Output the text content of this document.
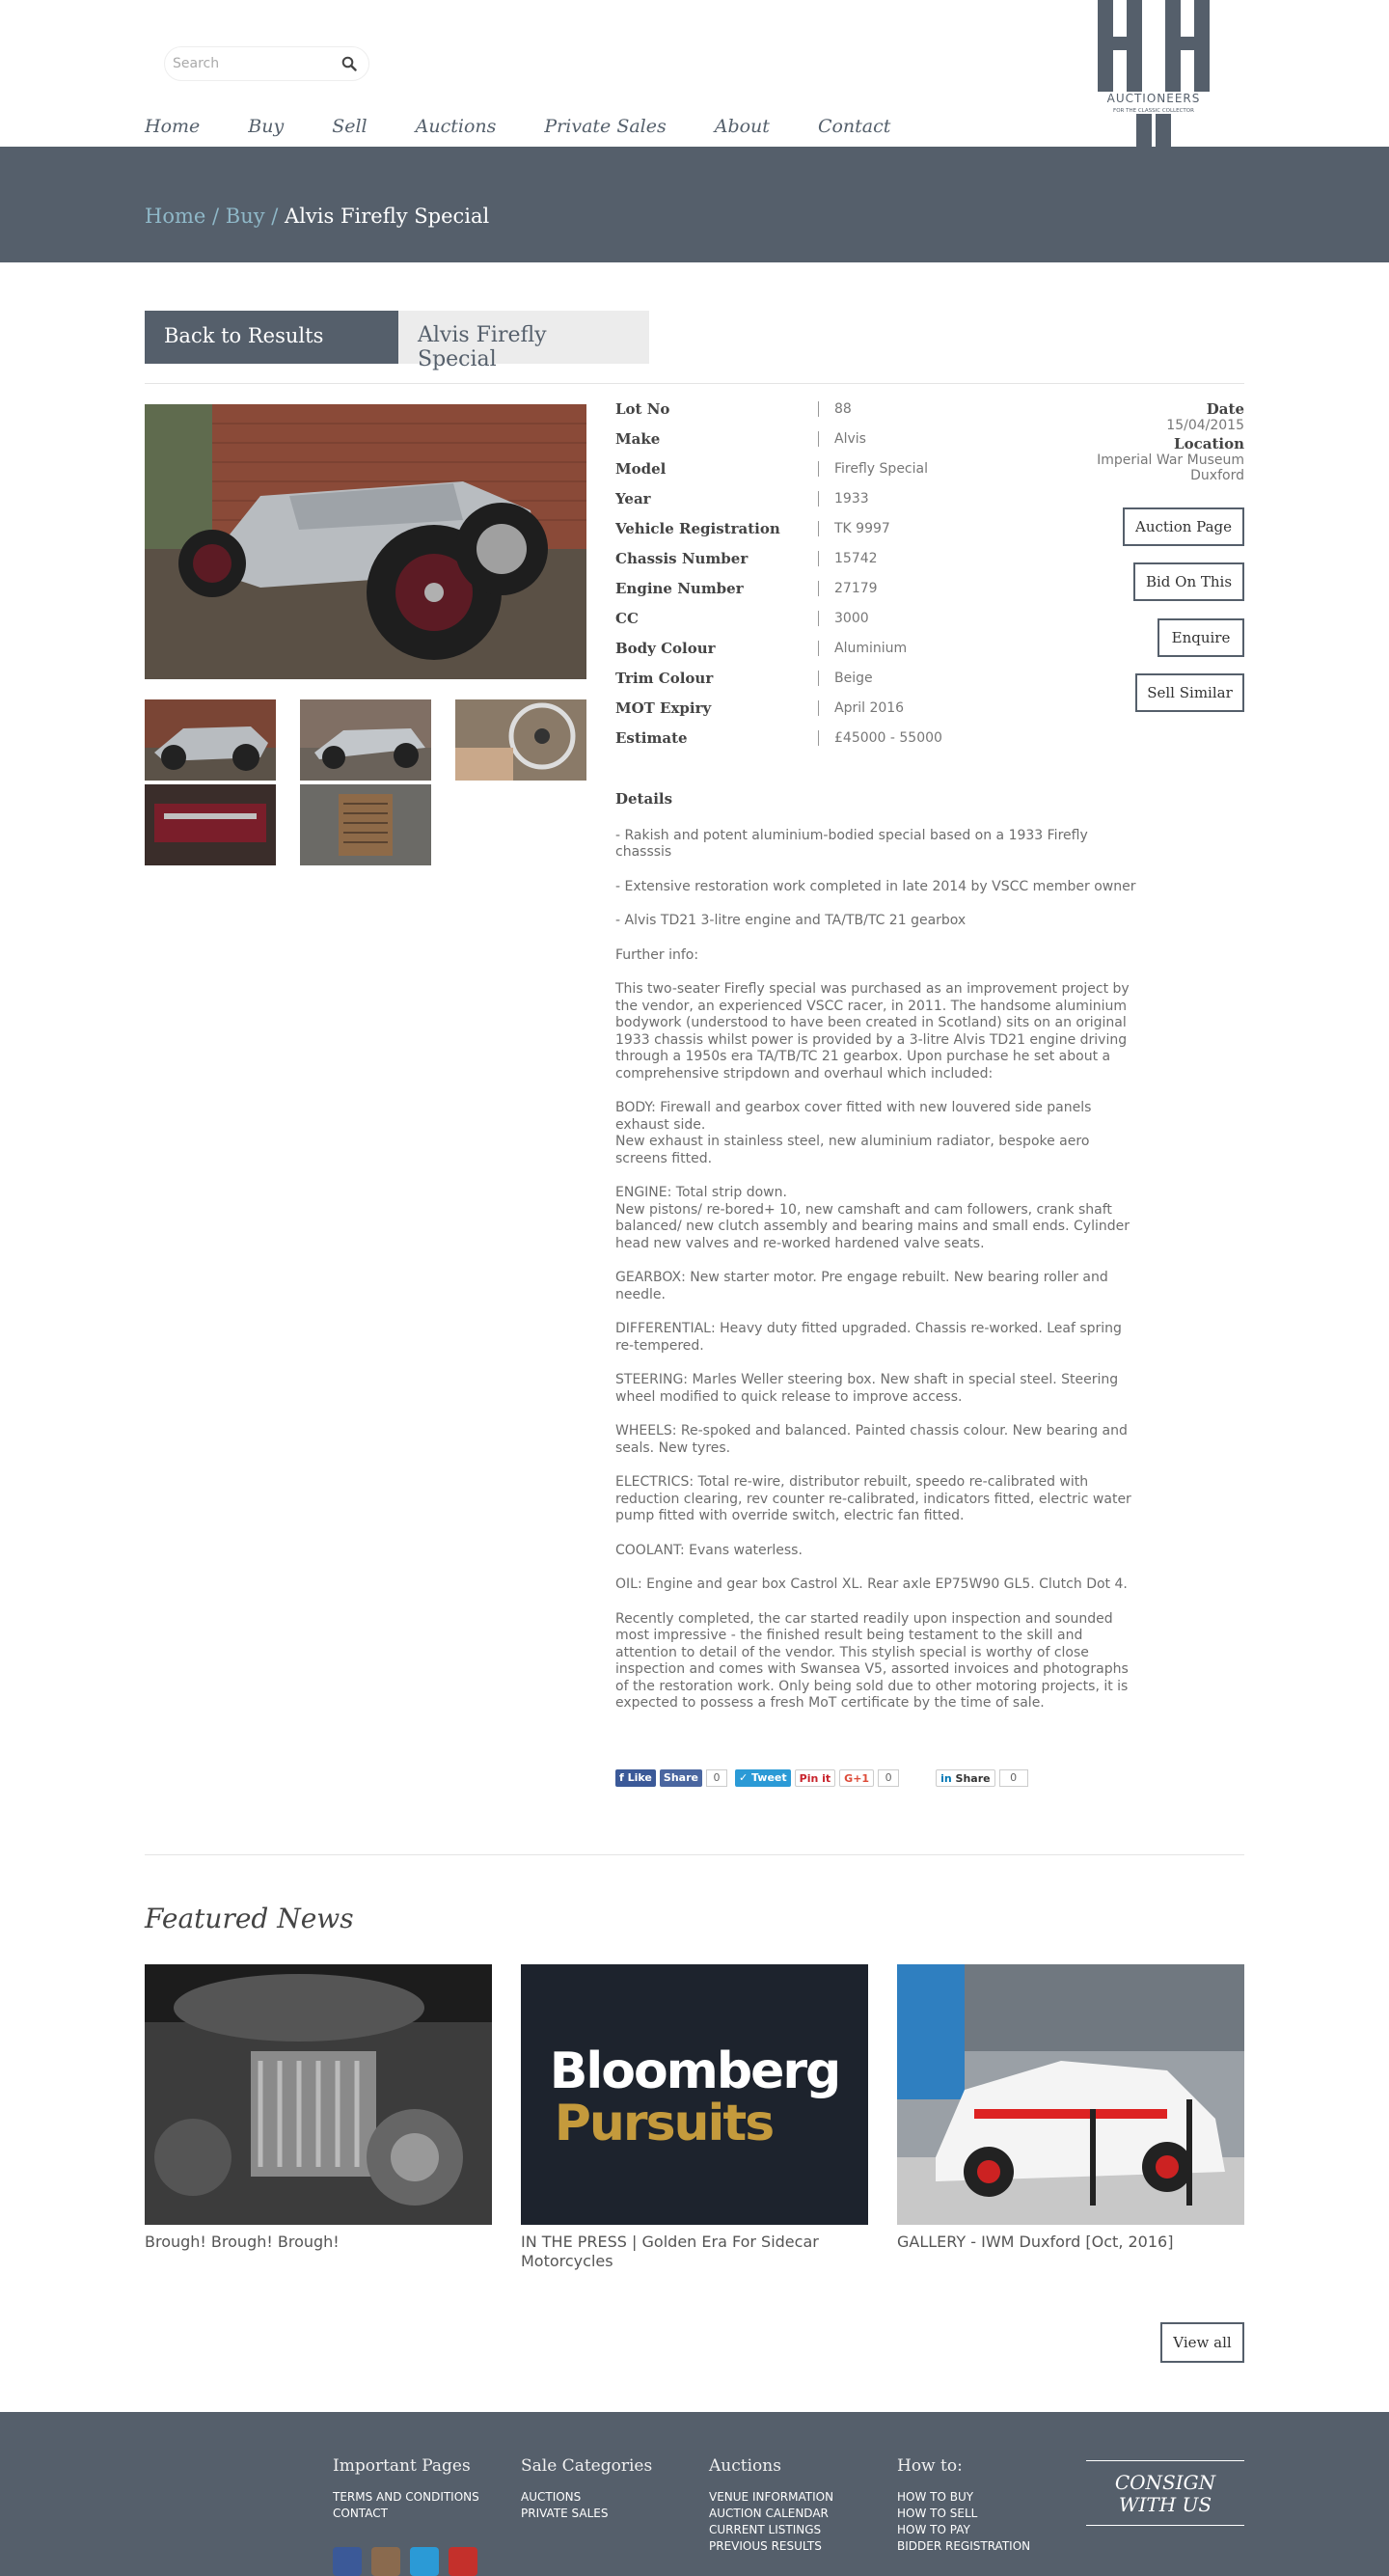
Search
Home	Buy	Sell	Auctions	Private Sales	About	Contact
AND
AUCTIONEERS
FOR THE CLASSIC COLLECTOR
Home / Buy / Alvis Firefly Special
Back to Results	Alvis Firefly Special
Lot No	88
Make	Alvis
Model	Firefly Special
Year	1933
Vehicle Registration	TK 9997
Chassis Number	15742
Engine Number	27179
CC	3000
Body Colour	Aluminium
Trim Colour	Beige
MOT Expiry	April 2016
Estimate	£45000 - 55000
Date
15/04/2015
Location
Imperial War Museum
Duxford
Auction Page
Bid On This
Enquire
Sell Similar
Details

- Rakish and potent aluminium-bodied special based on a 1933 Firefly chasssis

- Extensive restoration work completed in late 2014 by VSCC member owner

- Alvis TD21 3-litre engine and TA/TB/TC 21 gearbox

Further info:

This two-seater Firefly special was purchased as an improvement project by the vendor, an experienced VSCC racer, in 2011. The handsome aluminium bodywork (understood to have been created in Scotland) sits on an original 1933 chassis whilst power is provided by a 3-litre Alvis TD21 engine driving through a 1950s era TA/TB/TC 21 gearbox. Upon purchase he set about a comprehensive stripdown and overhaul which included:

BODY: Firewall and gearbox cover fitted with new louvered side panels exhaust side.
New exhaust in stainless steel, new aluminium radiator, bespoke aero screens fitted.

ENGINE: Total strip down.
New pistons/ re-bored+ 10, new camshaft and cam followers, crank shaft balanced/ new clutch assembly and bearing mains and small ends. Cylinder head new valves and re-worked hardened valve seats.

GEARBOX: New starter motor. Pre engage rebuilt. New bearing roller and needle.

DIFFERENTIAL: Heavy duty fitted upgraded. Chassis re-worked. Leaf spring re-tempered.

STEERING: Marles Weller steering box. New shaft in special steel. Steering wheel modified to quick release to improve access.

WHEELS: Re-spoked and balanced. Painted chassis colour. New bearing and seals. New tyres.

ELECTRICS: Total re-wire, distributor rebuilt, speedo re-calibrated with reduction clearing, rev counter re-calibrated, indicators fitted, electric water pump fitted with override switch, electric fan fitted.

COOLANT: Evans waterless.

OIL: Engine and gear box Castrol XL. Rear axle EP75W90 GL5. Clutch Dot 4.

Recently completed, the car started readily upon inspection and sounded most impressive - the finished result being testament to the skill and attention to detail of the vendor. This stylish special is worthy of close inspection and comes with Swansea V5, assorted invoices and photographs of the restoration work. Only being sold due to other motoring projects, it is expected to possess a fresh MoT certificate by the time of sale.

f Like	Share	0	✓ Tweet	Pin it	G+1	0	in Share	0
Featured News
Bloomberg
Pursuits
Brough! Brough! Brough!	IN THE PRESS | Golden Era For Sidecar Motorcycles
GALLERY - IWM Duxford [Oct, 2016]
View all
Important Pages
TERMS AND CONDITIONS
CONTACT
Sale Categories
AUCTIONS
PRIVATE SALES
Auctions
VENUE INFORMATION
AUCTION CALENDAR
CURRENT LISTINGS
PREVIOUS RESULTS
How to:
HOW TO BUY
HOW TO SELL
HOW TO PAY
BIDDER REGISTRATION
CONSIGN
WITH US
